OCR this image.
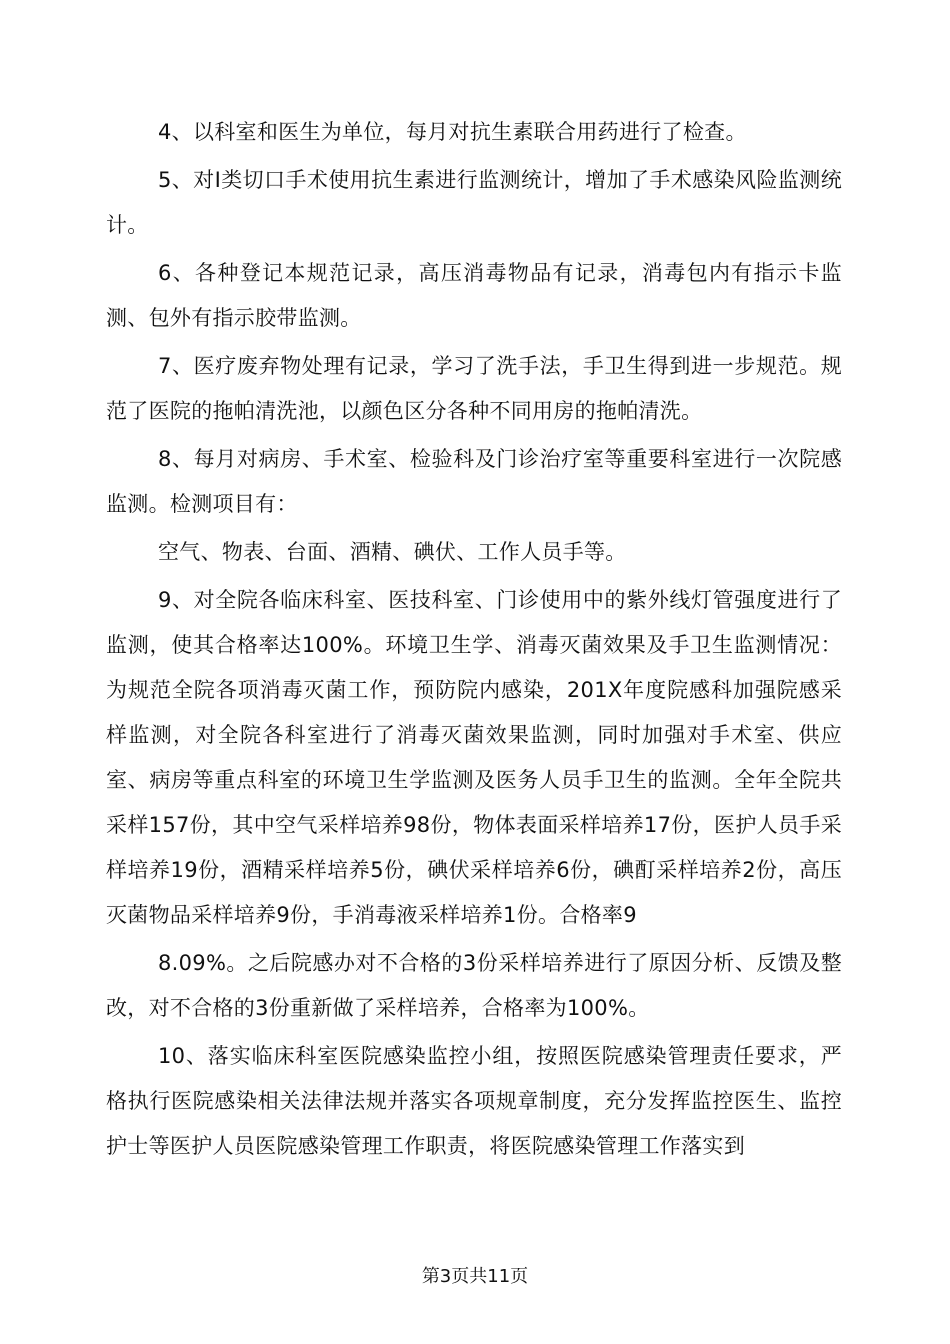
4、以科室和医生为单位，每月对抗生素联合用药进行了检查。

5、对Ⅰ类切口手术使用抗生素进行监测统计，增加了手术感染风险监测统计。

6、各种登记本规范记录，高压消毒物品有记录，消毒包内有指示卡监测、包外有指示胶带监测。

7、医疗废弃物处理有记录，学习了洗手法，手卫生得到进一步规范。规范了医院的拖帕清洗池，以颜色区分各种不同用房的拖帕清洗。

8、每月对病房、手术室、检验科及门诊治疗室等重要科室进行一次院感监测。检测项目有：

空气、物表、台面、酒精、碘伏、工作人员手等。

9、对全院各临床科室、医技科室、门诊使用中的紫外线灯管强度进行了监测，使其合格率达100%。环境卫生学、消毒灭菌效果及手卫生监测情况：为规范全院各项消毒灭菌工作，预防院内感染，201X年度院感科加强院感采样监测，对全院各科室进行了消毒灭菌效果监测，同时加强对手术室、供应室、病房等重点科室的环境卫生学监测及医务人员手卫生的监测。全年全院共采样157份，其中空气采样培养98份，物体表面采样培养17份，医护人员手采样培养19份，酒精采样培养5份，碘伏采样培养6份，碘酊采样培养2份，高压灭菌物品采样培养9份，手消毒液采样培养1份。合格率9

8.09%。之后院感办对不合格的3份采样培养进行了原因分析、反馈及整改，对不合格的3份重新做了采样培养，合格率为100%。

10、落实临床科室医院感染监控小组，按照医院感染管理责任要求，严格执行医院感染相关法律法规并落实各项规章制度，充分发挥监控医生、监控护士等医护人员医院感染管理工作职责，将医院感染管理工作落实到

第3页共11页
